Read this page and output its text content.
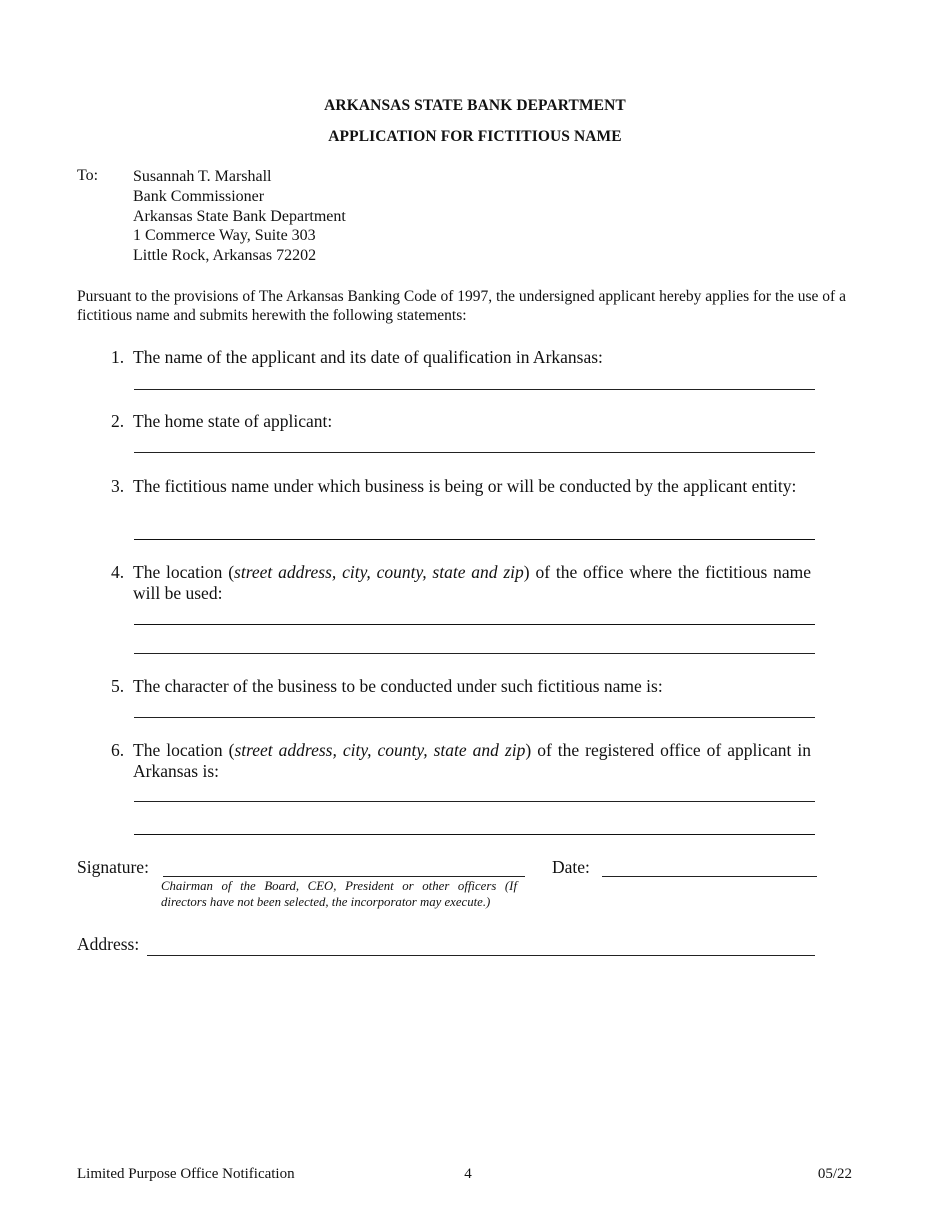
ARKANSAS STATE BANK DEPARTMENT
APPLICATION FOR FICTITIOUS NAME
To: Susannah T. Marshall
Bank Commissioner
Arkansas State Bank Department
1 Commerce Way, Suite 303
Little Rock, Arkansas 72202
Pursuant to the provisions of The Arkansas Banking Code of 1997, the undersigned applicant hereby applies for the use of a fictitious name and submits herewith the following statements:
1. The name of the applicant and its date of qualification in Arkansas:
2. The home state of applicant:
3. The fictitious name under which business is being or will be conducted by the applicant entity:
4. The location (street address, city, county, state and zip) of the office where the fictitious name will be used:
5. The character of the business to be conducted under such fictitious name is:
6. The location (street address, city, county, state and zip) of the registered office of applicant in Arkansas is:
Signature:
Chairman of the Board, CEO, President or other officers (If directors have not been selected, the incorporator may execute.)
Date:
Address:
Limited Purpose Office Notification	4	05/22
